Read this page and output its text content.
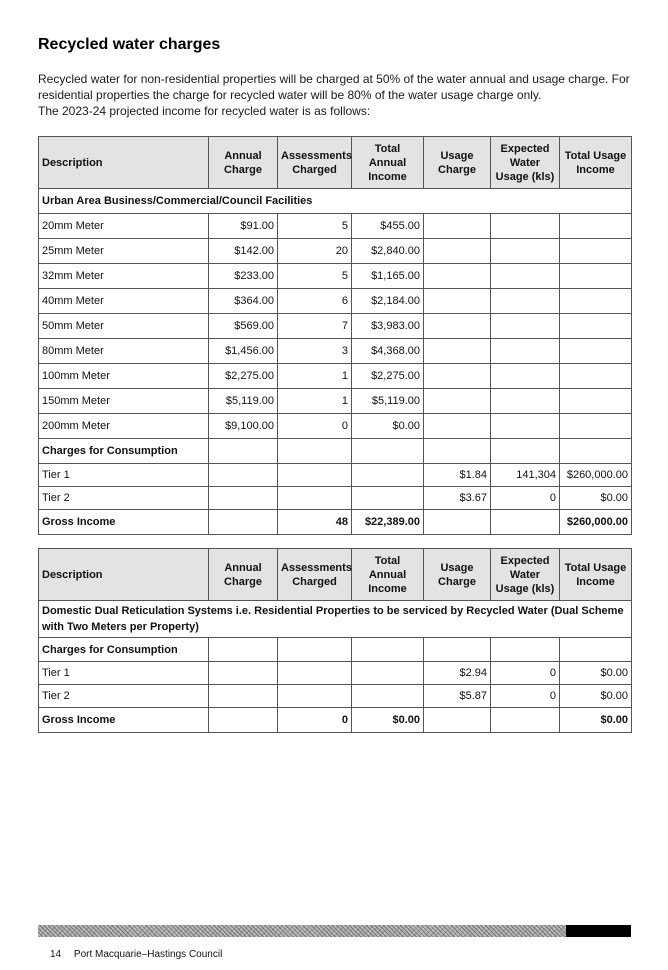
Recycled water charges

Recycled water for non-residential properties will be charged at 50% of the water annual and usage charge. For residential properties the charge for recycled water will be 80% of the water usage charge only.

The 2023-24 projected income for recycled water is as follows:

Description	Annual Charge	Assessments Charged	Total Annual Income	Usage Charge	Expected Water Usage (kls)	Total Usage Income
Urban Area Business/Commercial/Council Facilities						
20mm Meter	$91.00	5	$455.00			
25mm Meter	$142.00	20	$2,840.00			
32mm Meter	$233.00	5	$1,165.00			
40mm Meter	$364.00	6	$2,184.00			
50mm Meter	$569.00	7	$3,983.00			
80mm Meter	$1,456.00	3	$4,368.00			
100mm Meter	$2,275.00	1	$2,275.00			
150mm Meter	$5,119.00	1	$5,119.00			
200mm Meter	$9,100.00	0	$0.00			
Charges for Consumption						
Tier 1				$1.84	141,304	$260,000.00
Tier 2				$3.67	0	$0.00
Gross Income		48	$22,389.00			$260,000.00
Description	Annual Charge	Assessments Charged	Total Annual Income	Usage Charge	Expected Water Usage (kls)	Total Usage Income
Domestic Dual Reticulation Systems i.e. Residential Properties to be serviced by Recycled Water (Dual Scheme with Two Meters per Property)						
Charges for Consumption						
Tier 1				$2.94	0	$0.00
Tier 2				$5.87	0	$0.00
Gross Income		0	$0.00			$0.00
14 Port Macquarie–Hastings Council
